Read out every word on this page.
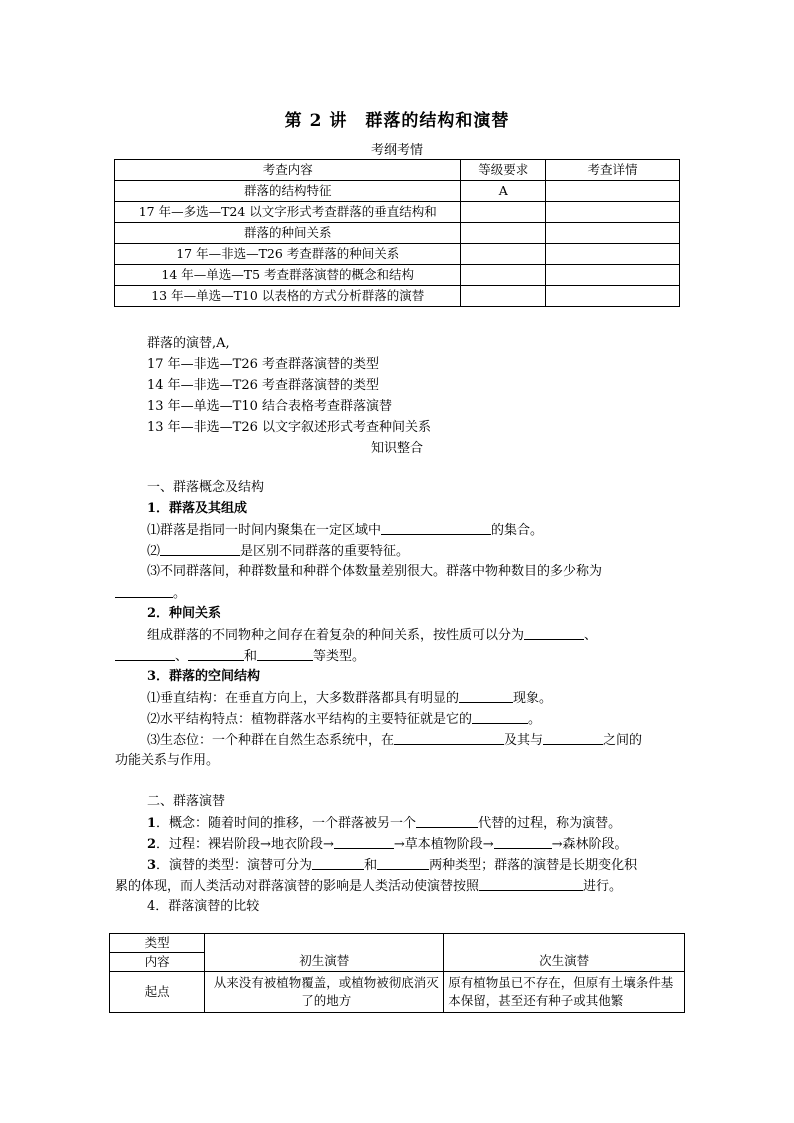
第 2 讲　群落的结构和演替
考纲考情
考查内容	等级要求	考查详情
群落的结构特征	A	
17 年—多选—T24 以文字形式考查群落的垂直结构和		
群落的种间关系		
17 年—非选—T26 考查群落的种间关系		
14 年—单选—T5 考查群落演替的概念和结构		
13 年—单选—T10 以表格的方式分析群落的演替		
群落的演替,A,
17 年—非选—T26 考查群落演替的类型
14 年—非选—T26 考查群落演替的类型
13 年—单选—T10 结合表格考查群落演替
13 年—非选—T26 以文字叙述形式考查种间关系
知识整合
一、群落概念及结构
1．群落及其组成
⑴群落是指同一时间内聚集在一定区域中	的集合。
⑵	是区别不同群落的重要特征。
⑶不同群落间，种群数量和种群个体数量差别很大。群落中物种数目的多少称为
。
2．种间关系
组成群落的不同物种之间存在着复杂的种间关系，按性质可以分为	、
、	和	等类型。
3．群落的空间结构
⑴垂直结构：在垂直方向上，大多数群落都具有明显的	现象。
⑵水平结构特点：植物群落水平结构的主要特征就是它的	。
⑶生态位：一个种群在自然生态系统中，在	及其与	之间的
功能关系与作用。
二、群落演替
1．概念：随着时间的推移，一个群落被另一个	代替的过程，称为演替。
2．过程：裸岩阶段→地衣阶段→	→草本植物阶段→	→森林阶段。
3．演替的类型：演替可分为	和	两种类型；群落的演替是长期变化积
累的体现，而人类活动对群落演替的影响是人类活动使演替按照	进行。
4．群落演替的比较
类型	初生演替	次生演替
内容		
起点	从来没有被植物覆盖，或植物被彻底消灭了的地方	原有植物虽已不存在，但原有土壤条件基本保留，甚至还有种子或其他繁
